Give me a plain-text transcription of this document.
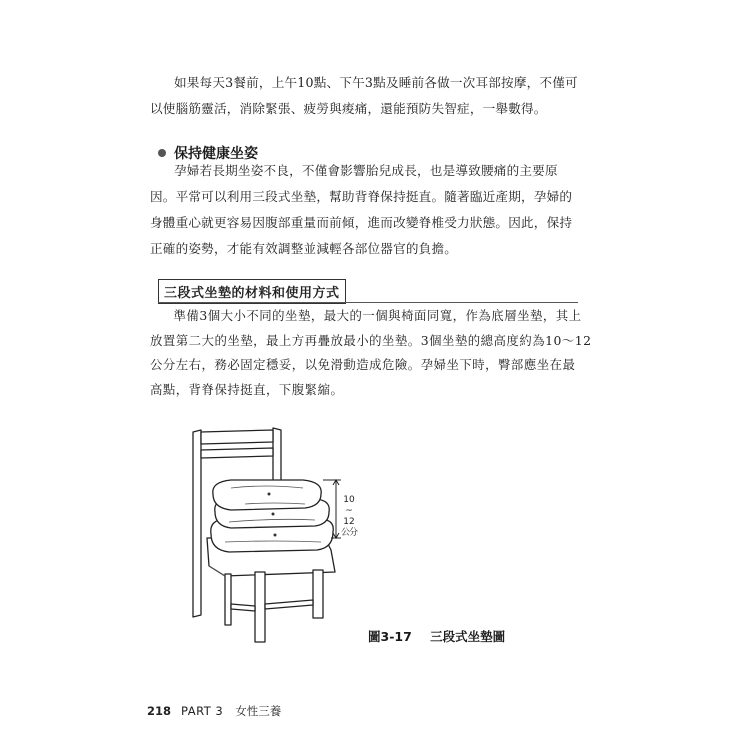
如果每天3餐前，上午10點、下午3點及睡前各做一次耳部按摩，不僅可
以使腦筋靈活，消除緊張、疲勞與痠痛，還能預防失智症，一舉數得。

保持健康坐姿

孕婦若長期坐姿不良，不僅會影響胎兒成長，也是導致腰痛的主要原
因。平常可以利用三段式坐墊，幫助背脊保持挺直。隨著臨近產期，孕婦的
身體重心就更容易因腹部重量而前傾，進而改變脊椎受力狀態。因此，保持
正確的姿勢，才能有效調整並減輕各部位器官的負擔。

三段式坐墊的材料和使用方式

準備3個大小不同的坐墊，最大的一個與椅面同寬，作為底層坐墊，其上
放置第二大的坐墊，最上方再疊放最小的坐墊。3個坐墊的總高度約為10～12
公分左右，務必固定穩妥，以免滑動造成危險。孕婦坐下時，臀部應坐在最
高點，背脊保持挺直，下腹緊縮。

10
~
12
公分
圖3-17 三段式坐墊圖
218 PART 3 女性三養
